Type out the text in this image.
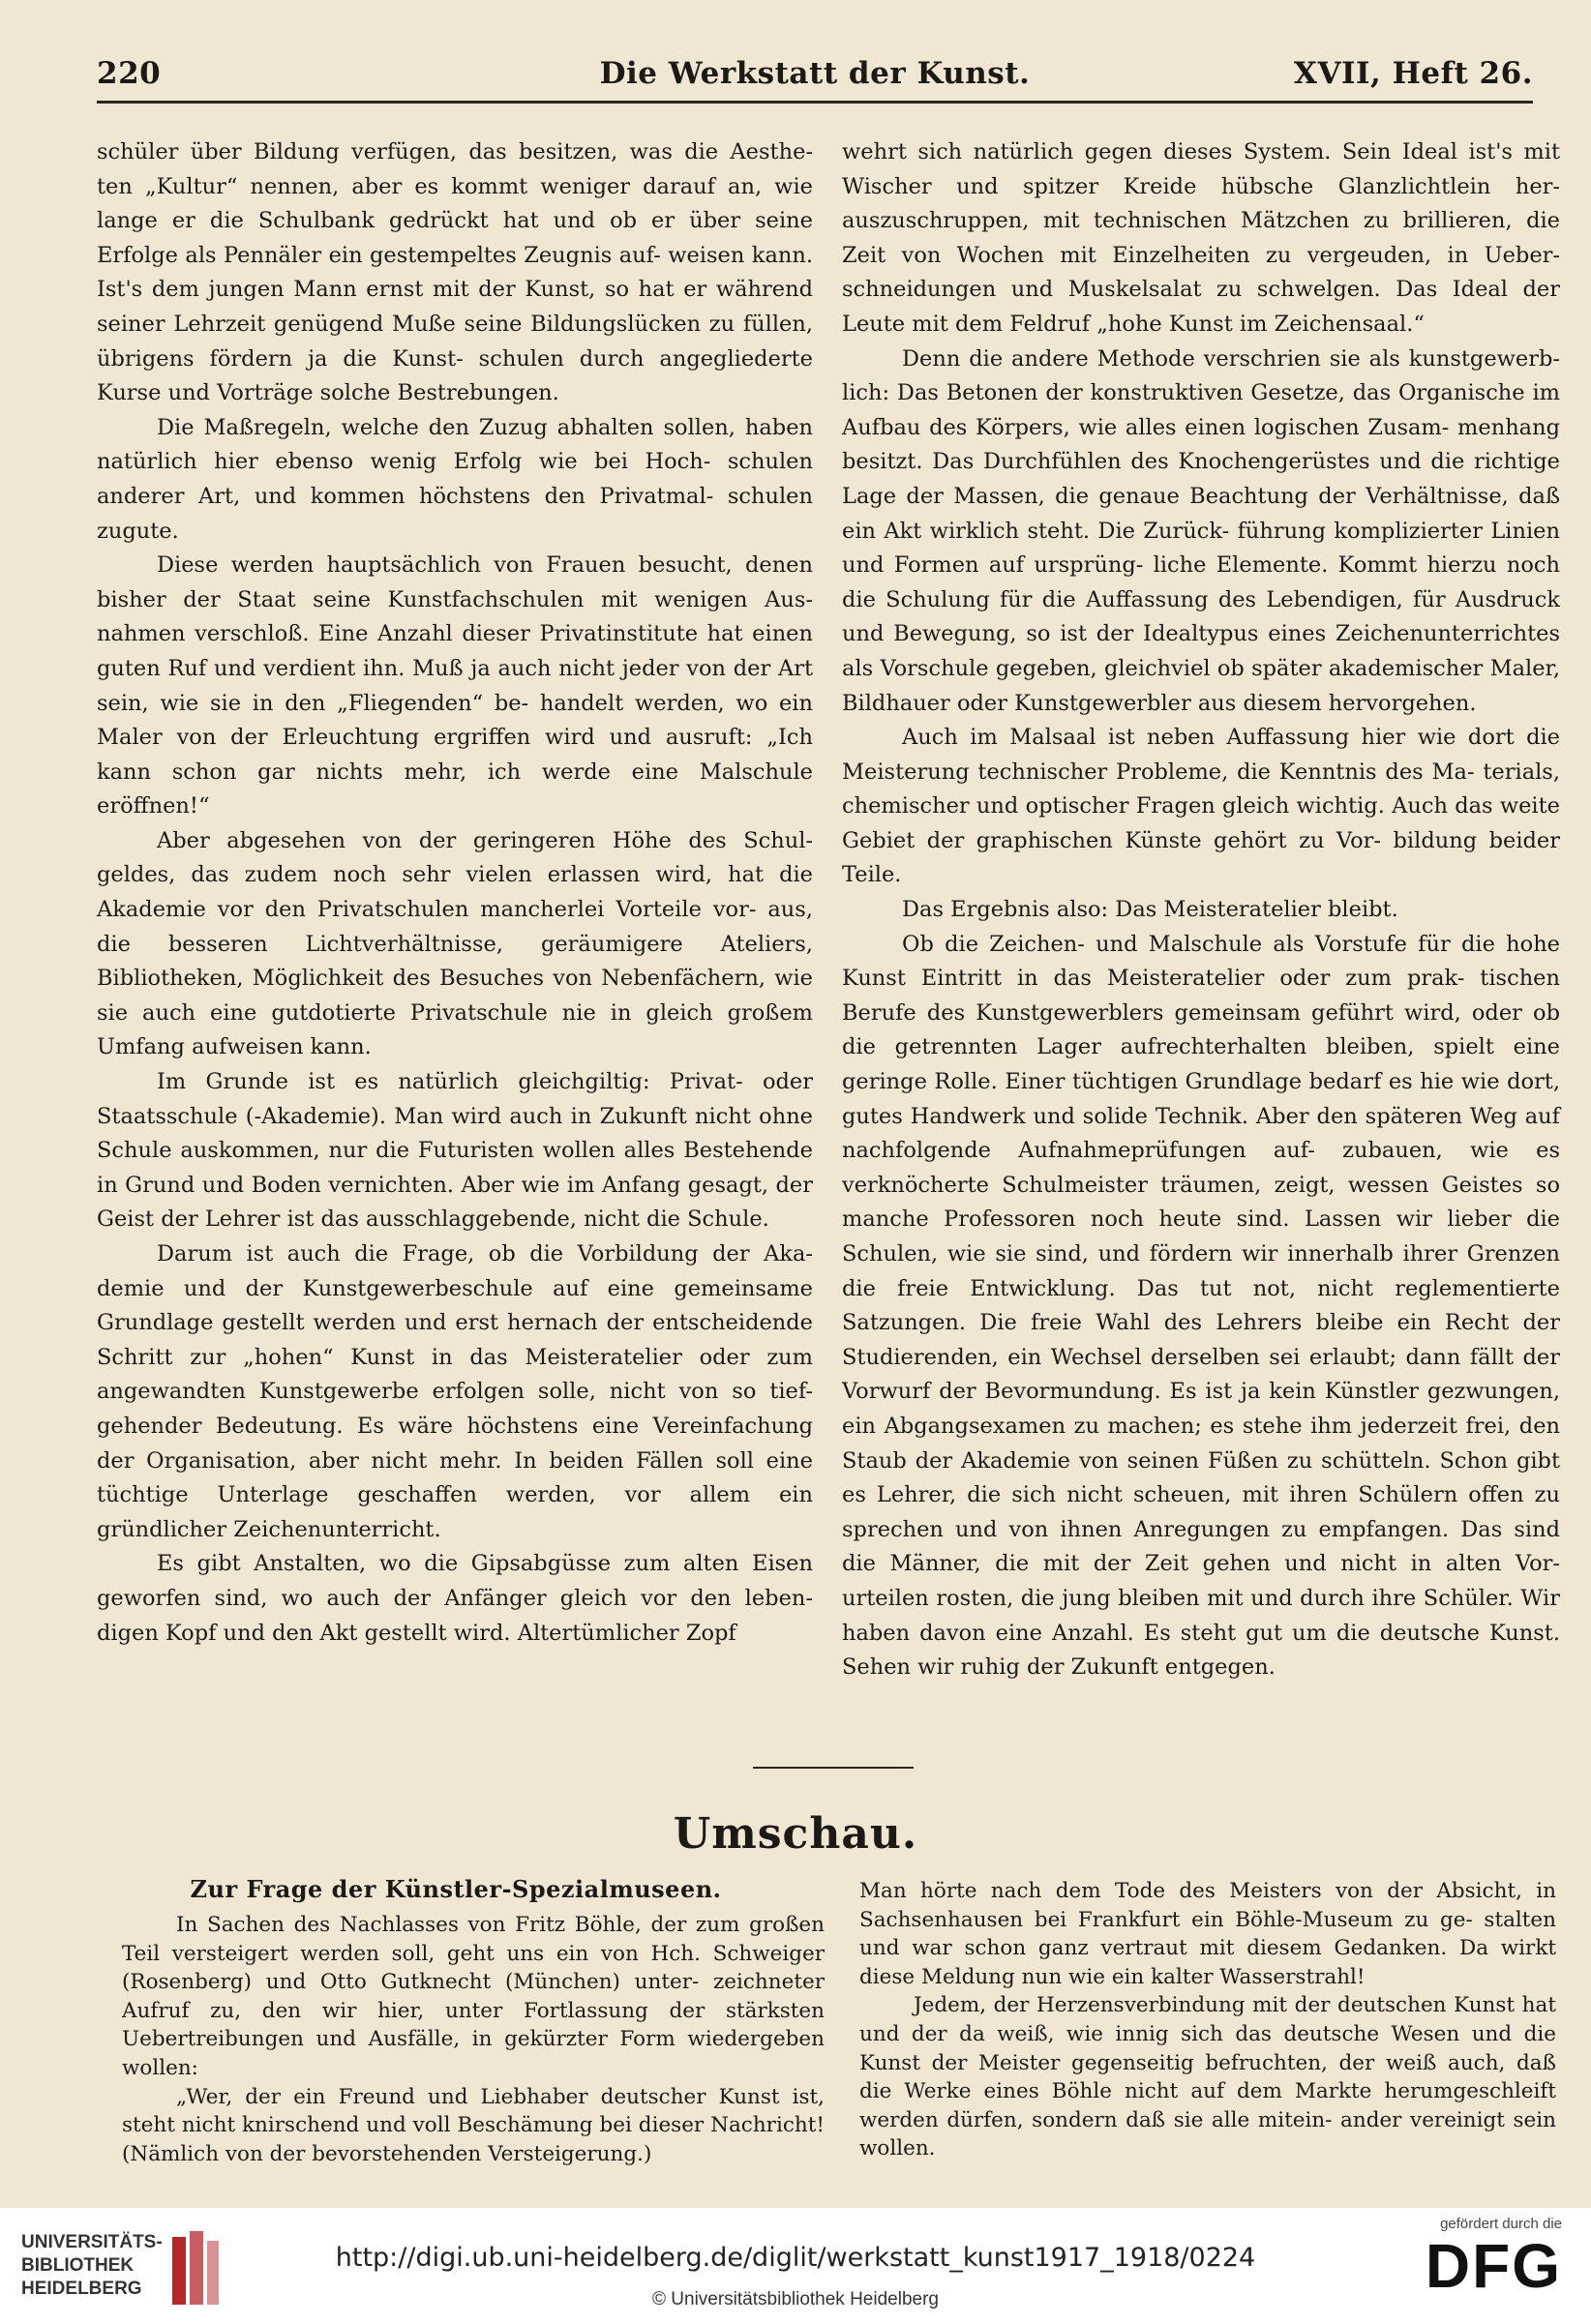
220	Die Werkstatt der Kunst.	XVII, Heft 26.

schüler über Bildung verfügen, das besitzen, was die Aesthe- ten „Kultur“ nennen, aber es kommt weniger darauf an, wie lange er die Schulbank gedrückt hat und ob er über seine Erfolge als Pennäler ein gestempeltes Zeugnis auf- weisen kann. Ist's dem jungen Mann ernst mit der Kunst, so hat er während seiner Lehrzeit genügend Muße seine Bildungslücken zu füllen, übrigens fördern ja die Kunst- schulen durch angegliederte Kurse und Vorträge solche Bestrebungen.

Die Maßregeln, welche den Zuzug abhalten sollen, haben natürlich hier ebenso wenig Erfolg wie bei Hoch- schulen anderer Art, und kommen höchstens den Privatmal- schulen zugute.

Diese werden hauptsächlich von Frauen besucht, denen bisher der Staat seine Kunstfachschulen mit wenigen Aus- nahmen verschloß. Eine Anzahl dieser Privatinstitute hat einen guten Ruf und verdient ihn. Muß ja auch nicht jeder von der Art sein, wie sie in den „Fliegenden“ be- handelt werden, wo ein Maler von der Erleuchtung ergriffen wird und ausruft: „Ich kann schon gar nichts mehr, ich werde eine Malschule eröffnen!“

Aber abgesehen von der geringeren Höhe des Schul- geldes, das zudem noch sehr vielen erlassen wird, hat die Akademie vor den Privatschulen mancherlei Vorteile vor- aus, die besseren Lichtverhältnisse, geräumigere Ateliers, Bibliotheken, Möglichkeit des Besuches von Nebenfächern, wie sie auch eine gutdotierte Privatschule nie in gleich großem Umfang aufweisen kann.

Im Grunde ist es natürlich gleichgiltig: Privat- oder Staatsschule (-Akademie). Man wird auch in Zukunft nicht ohne Schule auskommen, nur die Futuristen wollen alles Bestehende in Grund und Boden vernichten. Aber wie im Anfang gesagt, der Geist der Lehrer ist das ausschlaggebende, nicht die Schule.

Darum ist auch die Frage, ob die Vorbildung der Aka- demie und der Kunstgewerbeschule auf eine gemeinsame Grundlage gestellt werden und erst hernach der entscheidende Schritt zur „hohen“ Kunst in das Meisteratelier oder zum angewandten Kunstgewerbe erfolgen solle, nicht von so tief- gehender Bedeutung. Es wäre höchstens eine Vereinfachung der Organisation, aber nicht mehr. In beiden Fällen soll eine tüchtige Unterlage geschaffen werden, vor allem ein gründlicher Zeichenunterricht.

Es gibt Anstalten, wo die Gipsabgüsse zum alten Eisen geworfen sind, wo auch der Anfänger gleich vor den leben- digen Kopf und den Akt gestellt wird. Altertümlicher Zopf

wehrt sich natürlich gegen dieses System. Sein Ideal ist's mit Wischer und spitzer Kreide hübsche Glanzlichtlein her- auszuschruppen, mit technischen Mätzchen zu brillieren, die Zeit von Wochen mit Einzelheiten zu vergeuden, in Ueber- schneidungen und Muskelsalat zu schwelgen. Das Ideal der Leute mit dem Feldruf „hohe Kunst im Zeichensaal.“

Denn die andere Methode verschrien sie als kunstgewerb- lich: Das Betonen der konstruktiven Gesetze, das Organische im Aufbau des Körpers, wie alles einen logischen Zusam- menhang besitzt. Das Durchfühlen des Knochengerüstes und die richtige Lage der Massen, die genaue Beachtung der Verhältnisse, daß ein Akt wirklich steht. Die Zurück- führung komplizierter Linien und Formen auf ursprüng- liche Elemente. Kommt hierzu noch die Schulung für die Auffassung des Lebendigen, für Ausdruck und Bewegung, so ist der Idealtypus eines Zeichenunterrichtes als Vorschule gegeben, gleichviel ob später akademischer Maler, Bildhauer oder Kunstgewerbler aus diesem hervorgehen.

Auch im Malsaal ist neben Auffassung hier wie dort die Meisterung technischer Probleme, die Kenntnis des Ma- terials, chemischer und optischer Fragen gleich wichtig. Auch das weite Gebiet der graphischen Künste gehört zu Vor- bildung beider Teile.

Das Ergebnis also: Das Meisteratelier bleibt.

Ob die Zeichen- und Malschule als Vorstufe für die hohe Kunst Eintritt in das Meisteratelier oder zum prak- tischen Berufe des Kunstgewerblers gemeinsam geführt wird, oder ob die getrennten Lager aufrechterhalten bleiben, spielt eine geringe Rolle. Einer tüchtigen Grundlage bedarf es hie wie dort, gutes Handwerk und solide Technik. Aber den späteren Weg auf nachfolgende Aufnahmeprüfungen auf- zubauen, wie es verknöcherte Schulmeister träumen, zeigt, wessen Geistes so manche Professoren noch heute sind. Lassen wir lieber die Schulen, wie sie sind, und fördern wir innerhalb ihrer Grenzen die freie Entwicklung. Das tut not, nicht reglementierte Satzungen. Die freie Wahl des Lehrers bleibe ein Recht der Studierenden, ein Wechsel derselben sei erlaubt; dann fällt der Vorwurf der Bevormundung. Es ist ja kein Künstler gezwungen, ein Abgangsexamen zu machen; es stehe ihm jederzeit frei, den Staub der Akademie von seinen Füßen zu schütteln. Schon gibt es Lehrer, die sich nicht scheuen, mit ihren Schülern offen zu sprechen und von ihnen Anregungen zu empfangen. Das sind die Männer, die mit der Zeit gehen und nicht in alten Vor- urteilen rosten, die jung bleiben mit und durch ihre Schüler. Wir haben davon eine Anzahl. Es steht gut um die deutsche Kunst. Sehen wir ruhig der Zukunft entgegen.

Umschau.
Zur Frage der Künstler-Spezialmuseen.

In Sachen des Nachlasses von Fritz Böhle, der zum großen Teil versteigert werden soll, geht uns ein von Hch. Schweiger (Rosenberg) und Otto Gutknecht (München) unter- zeichneter Aufruf zu, den wir hier, unter Fortlassung der stärksten Uebertreibungen und Ausfälle, in gekürzter Form wiedergeben wollen:

„Wer, der ein Freund und Liebhaber deutscher Kunst ist, steht nicht knirschend und voll Beschämung bei dieser Nachricht! (Nämlich von der bevorstehenden Versteigerung.)

Man hörte nach dem Tode des Meisters von der Absicht, in Sachsenhausen bei Frankfurt ein Böhle-Museum zu ge- stalten und war schon ganz vertraut mit diesem Gedanken. Da wirkt diese Meldung nun wie ein kalter Wasserstrahl!

Jedem, der Herzensverbindung mit der deutschen Kunst hat und der da weiß, wie innig sich das deutsche Wesen und die Kunst der Meister gegenseitig befruchten, der weiß auch, daß die Werke eines Böhle nicht auf dem Markte herumgeschleift werden dürfen, sondern daß sie alle mitein- ander vereinigt sein wollen.

UNIVERSITÄTS-
BIBLIOTHEK
HEIDELBERG
http://digi.ub.uni-heidelberg.de/diglit/werkstatt_kunst1917_1918/0224
© Universitätsbibliothek Heidelberg
gefördert durch die
DFG
